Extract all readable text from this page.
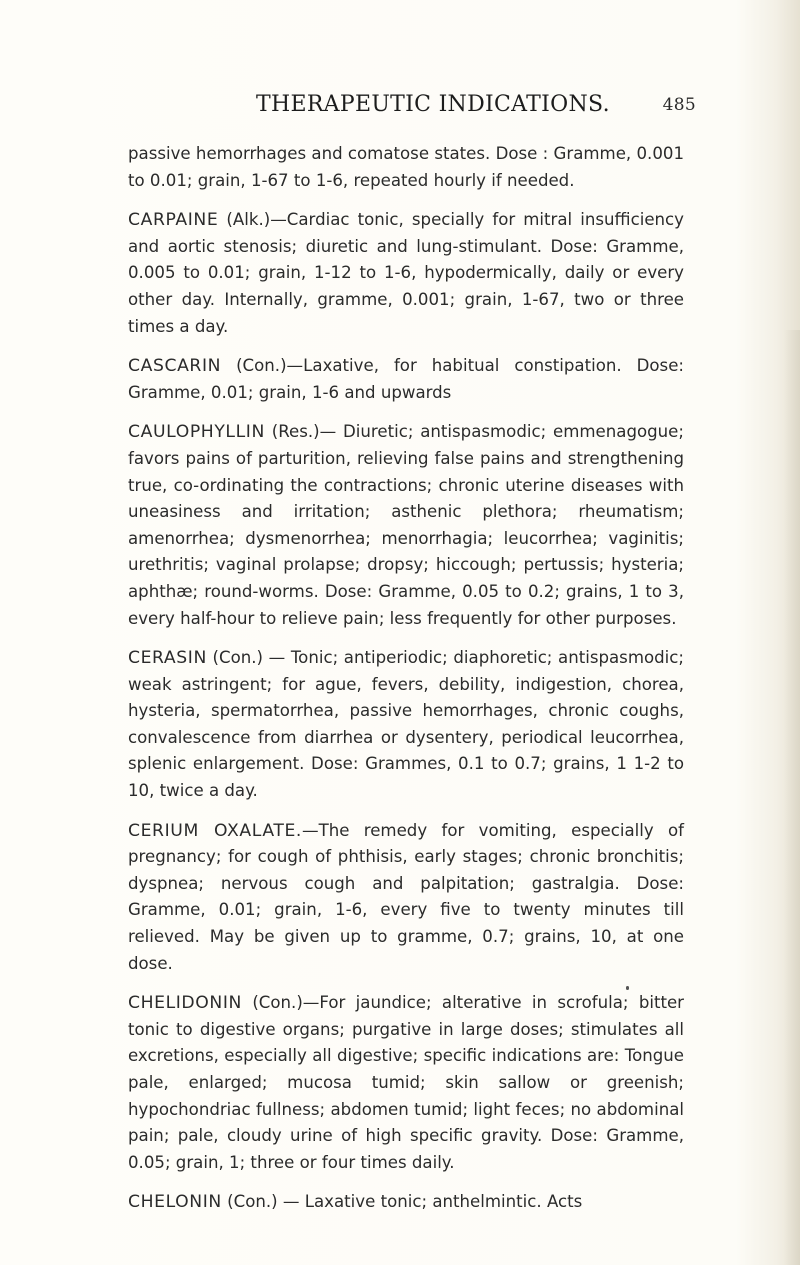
THERAPEUTIC INDICATIONS.	485

passive hemorrhages and comatose states. Dose : Gramme, 0.001 to 0.01; grain, 1-67 to 1-6, repeated hourly if needed.

CARPAINE (Alk.)—Cardiac tonic, specially for mitral insufficiency and aortic stenosis; diuretic and lung-stimulant. Dose: Gramme, 0.005 to 0.01; grain, 1-12 to 1-6, hypodermically, daily or every other day. Internally, gramme, 0.001; grain, 1-67, two or three times a day.

CASCARIN (Con.)—Laxative, for habitual constipation. Dose: Gramme, 0.01; grain, 1-6 and upwards

CAULOPHYLLIN (Res.)— Diuretic; antispasmodic; emmenagogue; favors pains of parturition, relieving false pains and strengthening true, co-ordinating the contractions; chronic uterine diseases with uneasiness and irritation; asthenic plethora; rheumatism; amenorrhea; dysmenorrhea; menorrhagia; leucorrhea; vaginitis; urethritis; vaginal prolapse; dropsy; hiccough; pertussis; hysteria; aphthæ; round-worms. Dose: Gramme, 0.05 to 0.2; grains, 1 to 3, every half-hour to relieve pain; less frequently for other purposes.

CERASIN (Con.) — Tonic; antiperiodic; diaphoretic; antispasmodic; weak astringent; for ague, fevers, debility, indigestion, chorea, hysteria, spermatorrhea, passive hemorrhages, chronic coughs, convalescence from diarrhea or dysentery, periodical leucorrhea, splenic enlargement. Dose: Grammes, 0.1 to 0.7; grains, 1 1-2 to 10, twice a day.

CERIUM OXALATE.—The remedy for vomiting, especially of pregnancy; for cough of phthisis, early stages; chronic bronchitis; dyspnea; nervous cough and palpitation; gastralgia. Dose: Gramme, 0.01; grain, 1-6, every five to twenty minutes till relieved. May be given up to gramme, 0.7; grains, 10, at one dose.

CHELIDONIN (Con.)—For jaundice; alterative in scrofula; bitter tonic to digestive organs; purgative in large doses; stimulates all excretions, especially all digestive; specific indications are: Tongue pale, enlarged; mucosa tumid; skin sallow or greenish; hypochondriac fullness; abdomen tumid; light feces; no abdominal pain; pale, cloudy urine of high specific gravity. Dose: Gramme, 0.05; grain, 1; three or four times daily.

CHELONIN (Con.) — Laxative tonic; anthelmintic. Acts
